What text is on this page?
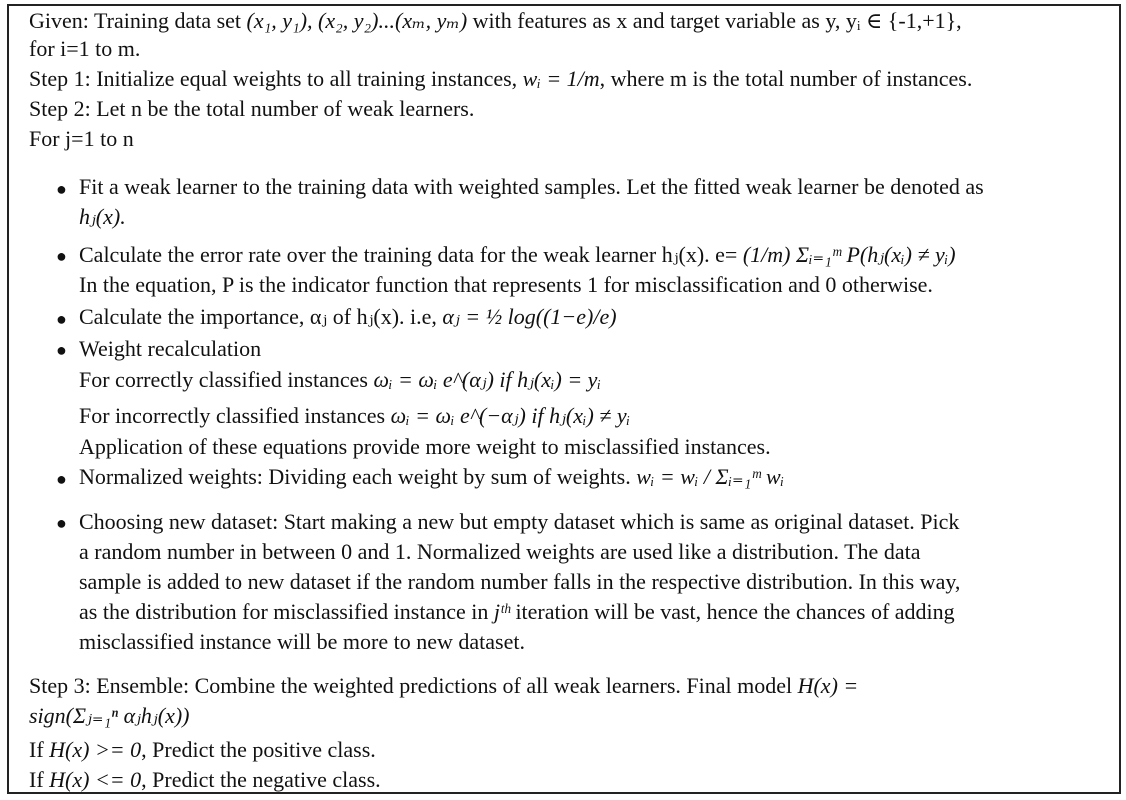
Given: Training data set (x₁, y₁), (x₂, y₂)...(xₘ, yₘ) with features as x and target variable as y, yᵢ ∈ {-1,+1},
for i=1 to m.
Step 1: Initialize equal weights to all training instances, wᵢ = 1/m, where m is the total number of instances.
Step 2: Let n be the total number of weak learners.
For j=1 to n
● Fit a weak learner to the training data with weighted samples. Let the fitted weak learner be denoted as
hⱼ(x).
● Calculate the error rate over the training data for the weak learner hⱼ(x). e= (1/m) Σᵢ₌₁ᵐ P(hⱼ(xᵢ) ≠ yᵢ)
In the equation, P is the indicator function that represents 1 for misclassification and 0 otherwise.
● Calculate the importance, αⱼ of hⱼ(x). i.e, αⱼ = ½ log((1−e)/e)
● Weight recalculation
For correctly classified instances ωᵢ = ωᵢ e^(αⱼ) if hⱼ(xᵢ) = yᵢ
For incorrectly classified instances ωᵢ = ωᵢ e^(−αⱼ) if hⱼ(xᵢ) ≠ yᵢ
Application of these equations provide more weight to misclassified instances.
● Normalized weights: Dividing each weight by sum of weights. wᵢ = wᵢ / Σᵢ₌₁ᵐ wᵢ
● Choosing new dataset: Start making a new but empty dataset which is same as original dataset. Pick
a random number in between 0 and 1. Normalized weights are used like a distribution. The data
sample is added to new dataset if the random number falls in the respective distribution. In this way,
as the distribution for misclassified instance in jᵗʰ iteration will be vast, hence the chances of adding
misclassified instance will be more to new dataset.
Step 3: Ensemble: Combine the weighted predictions of all weak learners. Final model H(x) =
sign(Σⱼ₌₁ⁿ αⱼhⱼ(x))
If H(x) >= 0, Predict the positive class.
If H(x) <= 0, Predict the negative class.
